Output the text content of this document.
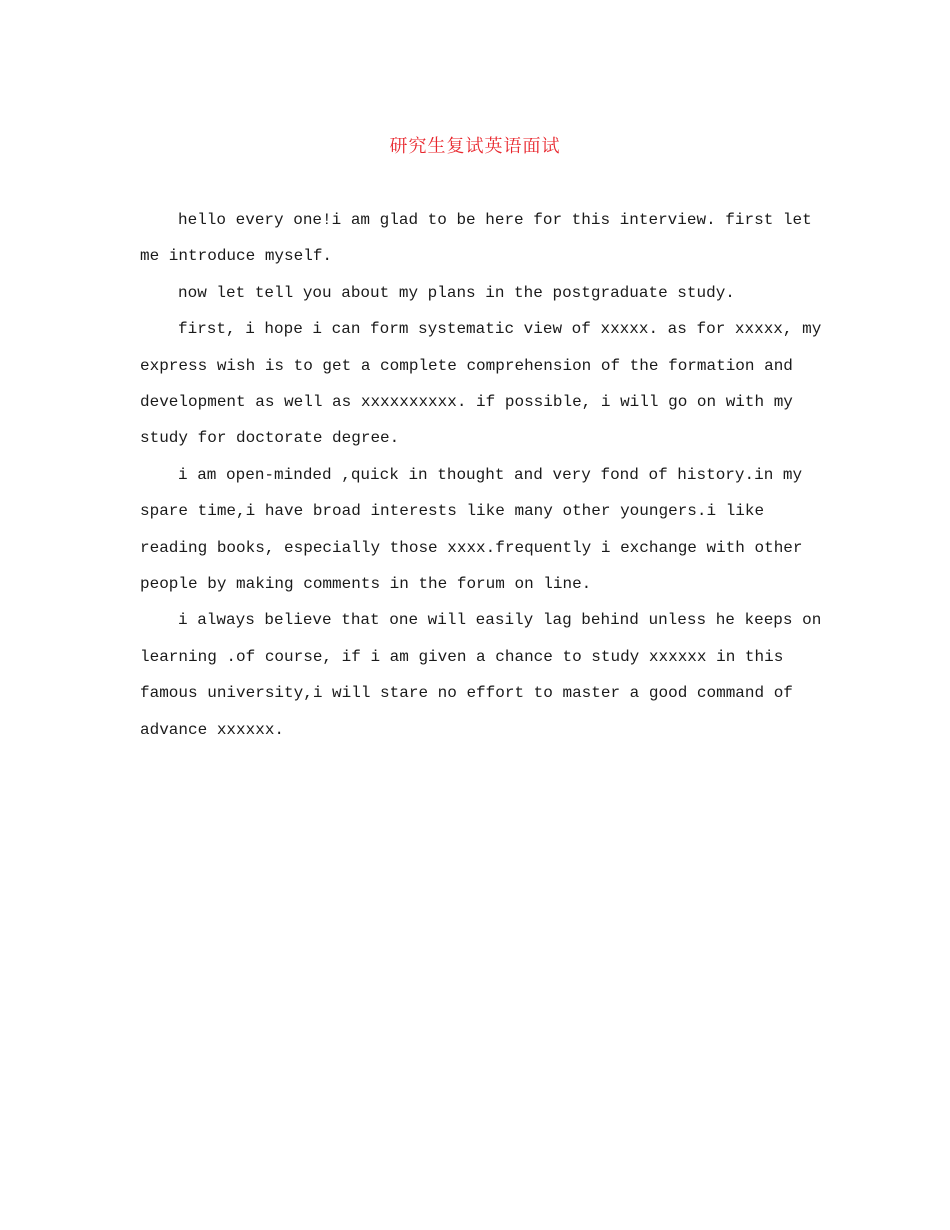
研究生复试英语面试

hello every one!i am glad to be here for this interview. first let
me introduce myself.

now let tell you about my plans in the postgraduate study.

first, i hope i can form systematic view of xxxxx. as for xxxxx, my
express wish is to get a complete comprehension of the formation and
development as well as xxxxxxxxxx. if possible, i will go on with my
study for doctorate degree.

i am open-minded ,quick in thought and very fond of history.in my
spare time,i have broad interests like many other youngers.i like
reading books, especially those xxxx.frequently i exchange with other
people by making comments in the forum on line.

i always believe that one will easily lag behind unless he keeps on
learning .of course, if i am given a chance to study xxxxxx in this
famous university,i will stare no effort to master a good command of
advance xxxxxx.
